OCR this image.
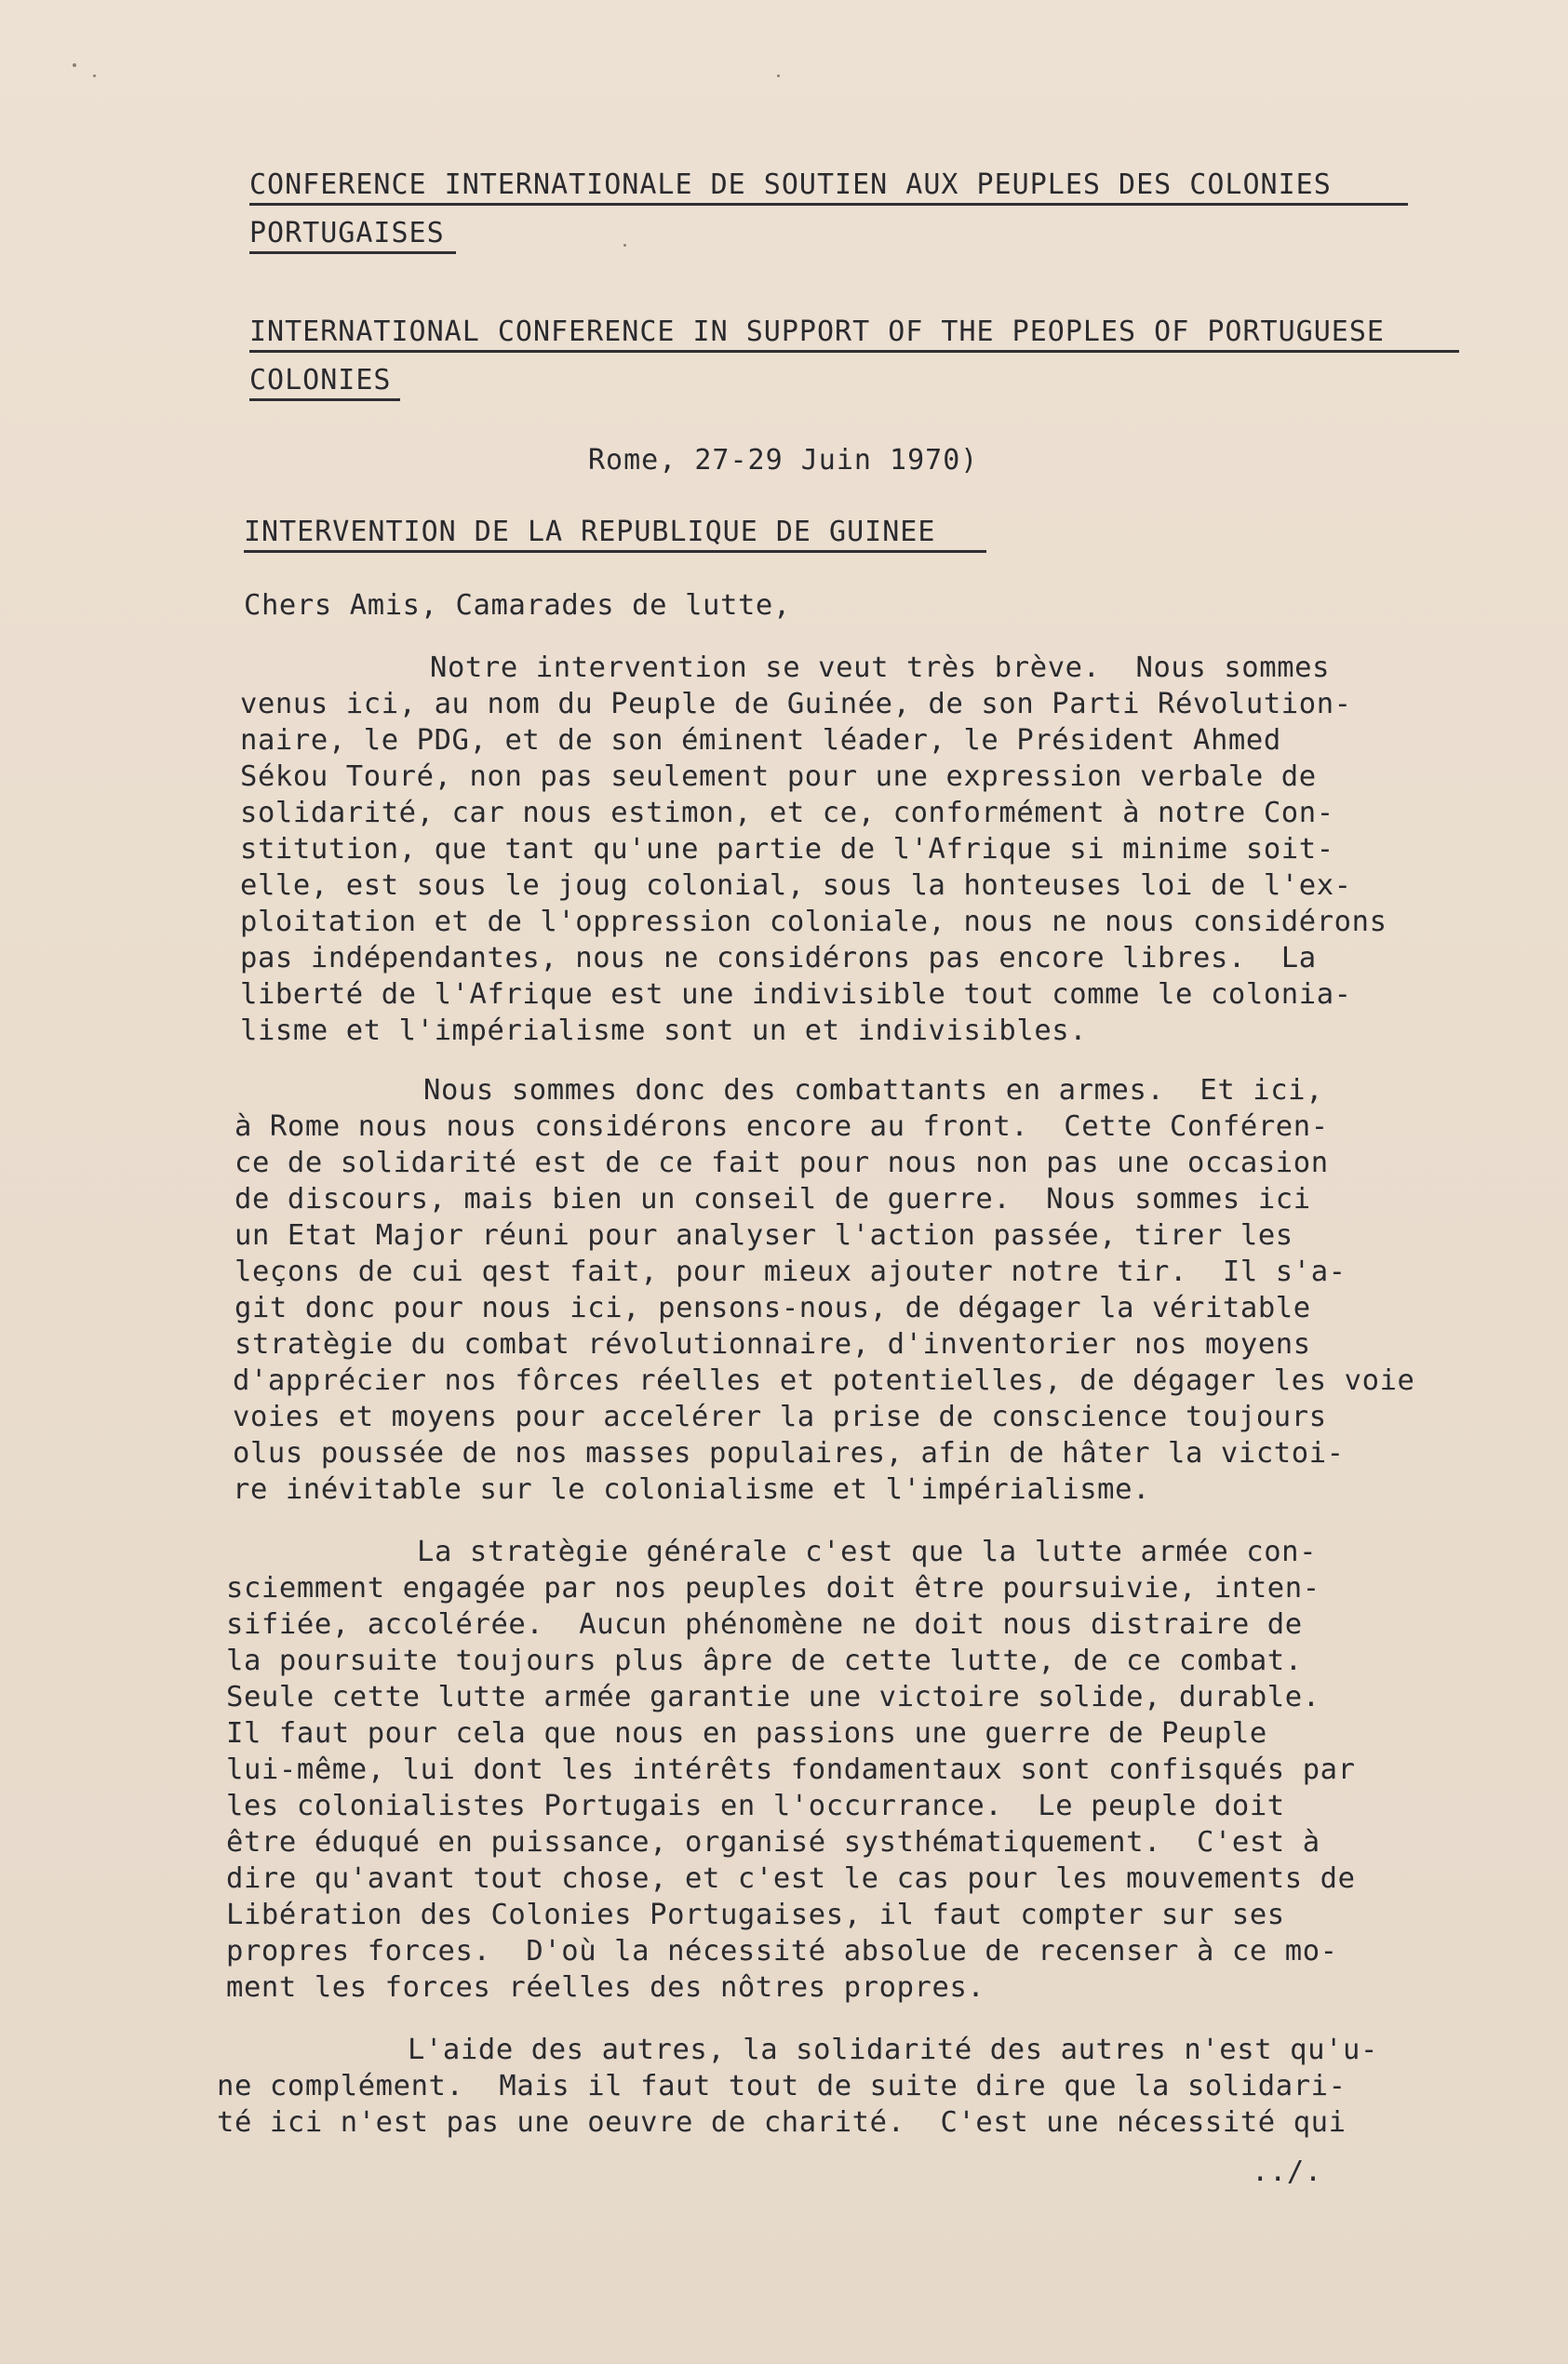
CONFERENCE INTERNATIONALE DE SOUTIEN AUX PEUPLES DES COLONIES
PORTUGAISES
INTERNATIONAL CONFERENCE IN SUPPORT OF THE PEOPLES OF PORTUGUESE
COLONIES
Rome, 27-29 Juin 1970)
INTERVENTION DE LA REPUBLIQUE DE GUINEE
Chers Amis, Camarades de lutte,
Notre intervention se veut très brève.  Nous sommes
venus ici, au nom du Peuple de Guinée, de son Parti Révolution-
naire, le PDG, et de son éminent léader, le Président Ahmed
Sékou Touré, non pas seulement pour une expression verbale de
solidarité, car nous estimon, et ce, conformément à notre Con-
stitution, que tant qu'une partie de l'Afrique si minime soit-
elle, est sous le joug colonial, sous la honteuses loi de l'ex-
ploitation et de l'oppression coloniale, nous ne nous considérons
pas indépendantes, nous ne considérons pas encore libres.  La
liberté de l'Afrique est une indivisible tout comme le colonia-
lisme et l'impérialisme sont un et indivisibles.
Nous sommes donc des combattants en armes.  Et ici,
à Rome nous nous considérons encore au front.  Cette Conféren-
ce de solidarité est de ce fait pour nous non pas une occasion
de discours, mais bien un conseil de guerre.  Nous sommes ici
un Etat Major réuni pour analyser l'action passée, tirer les
leçons de cui qest fait, pour mieux ajouter notre tir.  Il s'a-
git donc pour nous ici, pensons-nous, de dégager la véritable
stratègie du combat révolutionnaire, d'inventorier nos moyens
d'apprécier nos fôrces réelles et potentielles, de dégager les voie
voies et moyens pour accelérer la prise de conscience toujours
olus poussée de nos masses populaires, afin de hâter la victoi-
re inévitable sur le colonialisme et l'impérialisme.
La stratègie générale c'est que la lutte armée con-
sciemment engagée par nos peuples doit être poursuivie, inten-
sifiée, accolérée.  Aucun phénomène ne doit nous distraire de
la poursuite toujours plus âpre de cette lutte, de ce combat.
Seule cette lutte armée garantie une victoire solide, durable.
Il faut pour cela que nous en passions une guerre de Peuple
lui-même, lui dont les intérêts fondamentaux sont confisqués par
les colonialistes Portugais en l'occurrance.  Le peuple doit
être éduqué en puissance, organisé systhématiquement.  C'est à
dire qu'avant tout chose, et c'est le cas pour les mouvements de
Libération des Colonies Portugaises, il faut compter sur ses
propres forces.  D'où la nécessité absolue de recenser à ce mo-
ment les forces réelles des nôtres propres.
L'aide des autres, la solidarité des autres n'est qu'u-
ne complément.  Mais il faut tout de suite dire que la solidari-
té ici n'est pas une oeuvre de charité.  C'est une nécessité qui
../.
